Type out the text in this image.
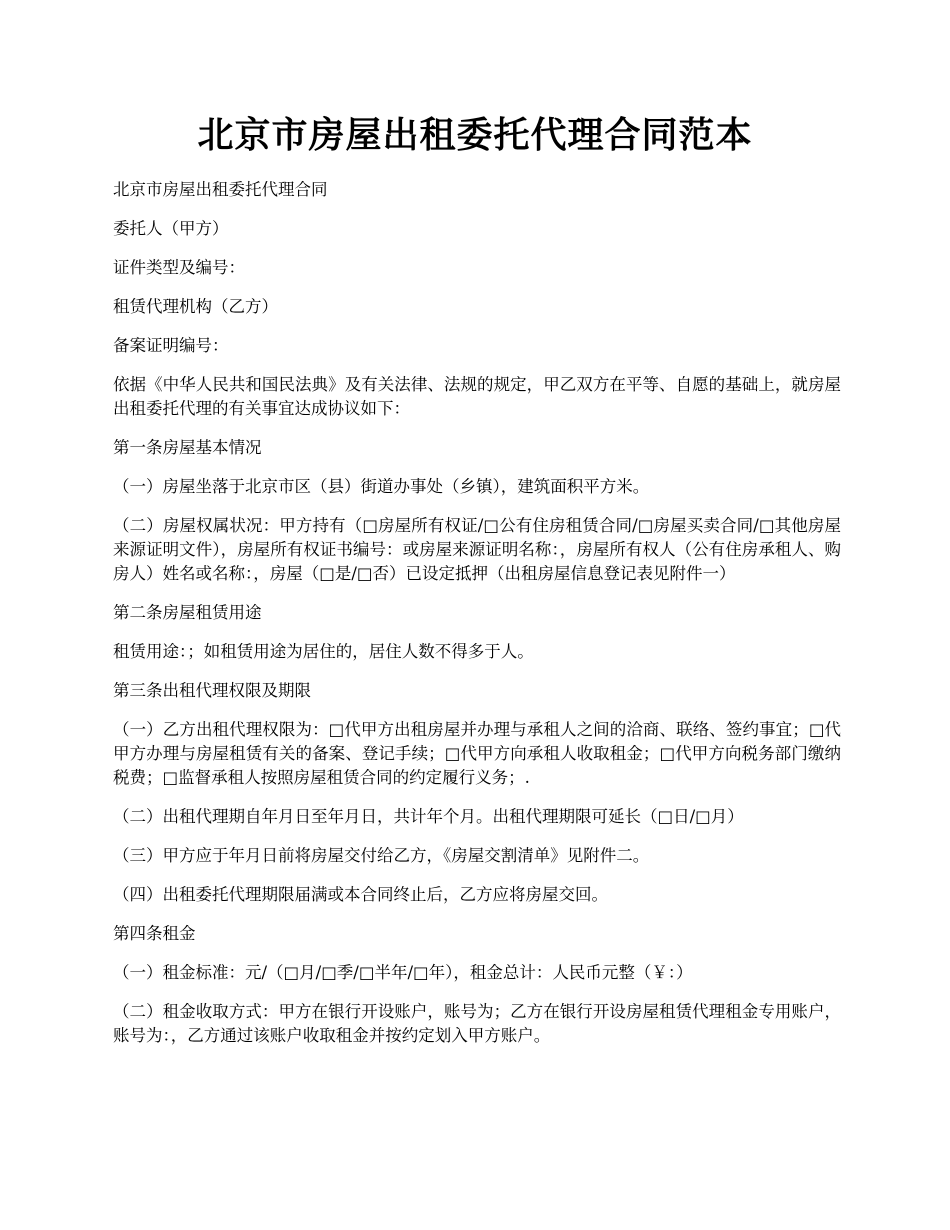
北京市房屋出租委托代理合同范本

北京市房屋出租委托代理合同

委托人（甲方）

证件类型及编号：

租赁代理机构（乙方）

备案证明编号：

依据《中华人民共和国民法典》及有关法律、法规的规定，甲乙双方在平等、自愿的基础上，就房屋出租委托代理的有关事宜达成协议如下：

第一条房屋基本情况

（一）房屋坐落于北京市区（县）街道办事处（乡镇），建筑面积平方米。

（二）房屋权属状况：甲方持有（□房屋所有权证/□公有住房租赁合同/□房屋买卖合同/□其他房屋来源证明文件），房屋所有权证书编号：或房屋来源证明名称：，房屋所有权人（公有住房承租人、购房人）姓名或名称：，房屋（□是/□否）已设定抵押（出租房屋信息登记表见附件一）

第二条房屋租赁用途

租赁用途：；如租赁用途为居住的，居住人数不得多于人。

第三条出租代理权限及期限

（一）乙方出租代理权限为：□代甲方出租房屋并办理与承租人之间的洽商、联络、签约事宜；□代甲方办理与房屋租赁有关的备案、登记手续；□代甲方向承租人收取租金；□代甲方向税务部门缴纳税费；□监督承租人按照房屋租赁合同的约定履行义务；.

（二）出租代理期自年月日至年月日，共计年个月。出租代理期限可延长（□日/□月）

（三）甲方应于年月日前将房屋交付给乙方，《房屋交割清单》见附件二。

（四）出租委托代理期限届满或本合同终止后，乙方应将房屋交回。

第四条租金

（一）租金标准：元/（□月/□季/□半年/□年），租金总计：人民币元整（￥：）

（二）租金收取方式：甲方在银行开设账户，账号为；乙方在银行开设房屋租赁代理租金专用账户，账号为：，乙方通过该账户收取租金并按约定划入甲方账户。
